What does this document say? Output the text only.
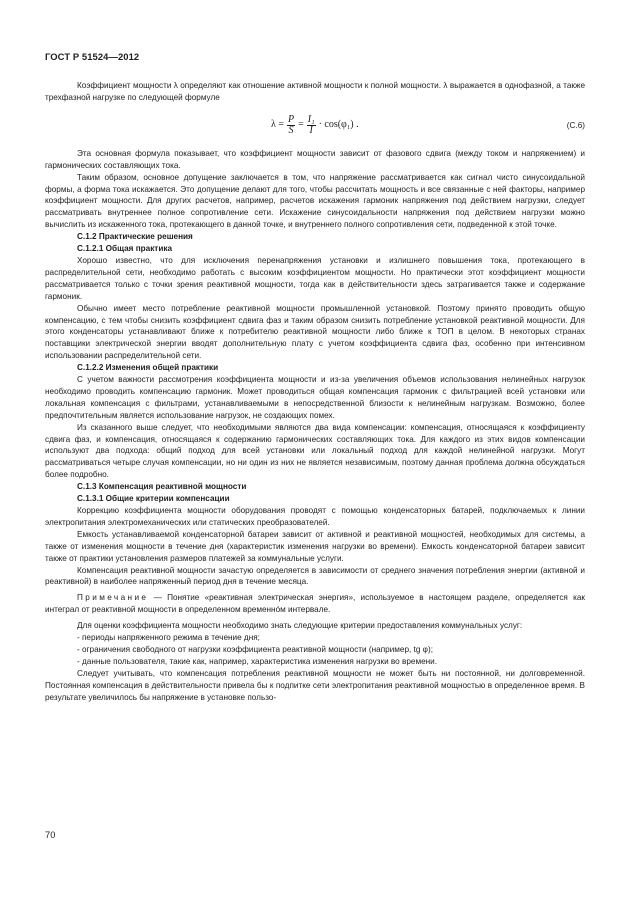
ГОСТ Р 51524—2012

Коэффициент мощности λ определяют как отношение активной мощности к полной мощности. λ выражается в однофазной, а также трехфазной нагрузке по следующей формуле

$\lambda = \frac{P}{S} = \frac{\text{I₁}}{I} \cdot \cos(\varphi_1)$ .	(С.6)

Эта основная формула показывает, что коэффициент мощности зависит от фазового сдвига (между током и напряжением) и гармонических составляющих тока.

Таким образом, основное допущение заключается в том, что напряжение рассматривается как сигнал чисто синусоидальной формы, а форма тока искажается. Это допущение делают для того, чтобы рассчитать мощность и все связанные с ней факторы, например коэффициент мощности. Для других расчетов, например, расчетов искажения гармоник напряжения под действием нагрузки, следует рассматривать внутреннее полное сопротивление сети. Искажение синусоидальности напряжения под действием нагрузки можно вычислить из искаженного тока, протекающего в данной точке, и внутреннего полного сопротивления сети, подведенной к этой точке.

С.1.2 Практические решения
С.1.2.1 Общая практика

Хорошо известно, что для исключения перенапряжения установки и излишнего повышения тока, протекающего в распределительной сети, необходимо работать с высоким коэффициентом мощности. Но практически этот коэффициент мощности рассматривается только с точки зрения реактивной мощности, тогда как в действительности здесь затрагивается также и содержание гармоник.

Обычно имеет место потребление реактивной мощности промышленной установкой. Поэтому принято проводить общую компенсацию, с тем чтобы снизить коэффициент сдвига фаз и таким образом снизить потребление установкой реактивной мощности. Для этого конденсаторы устанавливают ближе к потребителю реактивной мощности либо ближе к ТОП в целом. В некоторых странах поставщики электрической энергии вводят дополнительную плату с учетом коэффициента сдвига фаз, особенно при интенсивном использовании распределительной сети.

С.1.2.2 Изменения общей практики

С учетом важности рассмотрения коэффициента мощности и из-за увеличения объемов использования нелинейных нагрузок необходимо проводить компенсацию гармоник. Может проводиться общая компенсация гармоник с фильтрацией всей установки или локальная компенсация с фильтрами, устанавливаемыми в непосредственной близости к нелинейным нагрузкам. Возможно, более предпочтительным является использование нагрузок, не создающих помех.

Из сказанного выше следует, что необходимыми являются два вида компенсации: компенсация, относящаяся к коэффициенту сдвига фаз, и компенсация, относящаяся к содержанию гармонических составляющих тока. Для каждого из этих видов компенсации используют два подхода: общий подход для всей установки или локальный подход для каждой нелинейной нагрузки. Могут рассматриваться четыре случая компенсации, но ни один из них не является независимым, поэтому данная проблема должна обсуждаться более подробно.

С.1.3 Компенсация реактивной мощности
С.1.3.1 Общие критерии компенсации

Коррекцию коэффициента мощности оборудования проводят с помощью конденсаторных батарей, подключаемых к линии электропитания электромеханических или статических преобразователей.

Емкость устанавливаемой конденсаторной батареи зависит от активной и реактивной мощностей, необходимых для системы, а также от изменения мощности в течение дня (характеристик изменения нагрузки во времени). Емкость конденсаторной батареи зависит также от практики установления размеров платежей за коммунальные услуги.

Компенсация реактивной мощности зачастую определяется в зависимости от среднего значения потребления энергии (активной и реактивной) в наиболее напряженный период дня в течение месяца.

Примечание — Понятие «реактивная электрическая энергия», используемое в настоящем разделе, определяется как интеграл от реактивной мощности в определенном временнóм интервале.

Для оценки коэффициента мощности необходимо знать следующие критерии предоставления коммунальных услуг:

- периоды напряженного режима в течение дня;
- ограничения свободного от нагрузки коэффициента реактивной мощности (например, tg φ);
- данные пользователя, такие как, например, характеристика изменения нагрузки во времени.

Следует учитывать, что компенсация потребления реактивной мощности не может быть ни постоянной, ни долговременной. Постоянная компенсация в действительности привела бы к подпитке сети электропитания реактивной мощностью в определенное время. В результате увеличилось бы напряжение в установке пользо-

70
